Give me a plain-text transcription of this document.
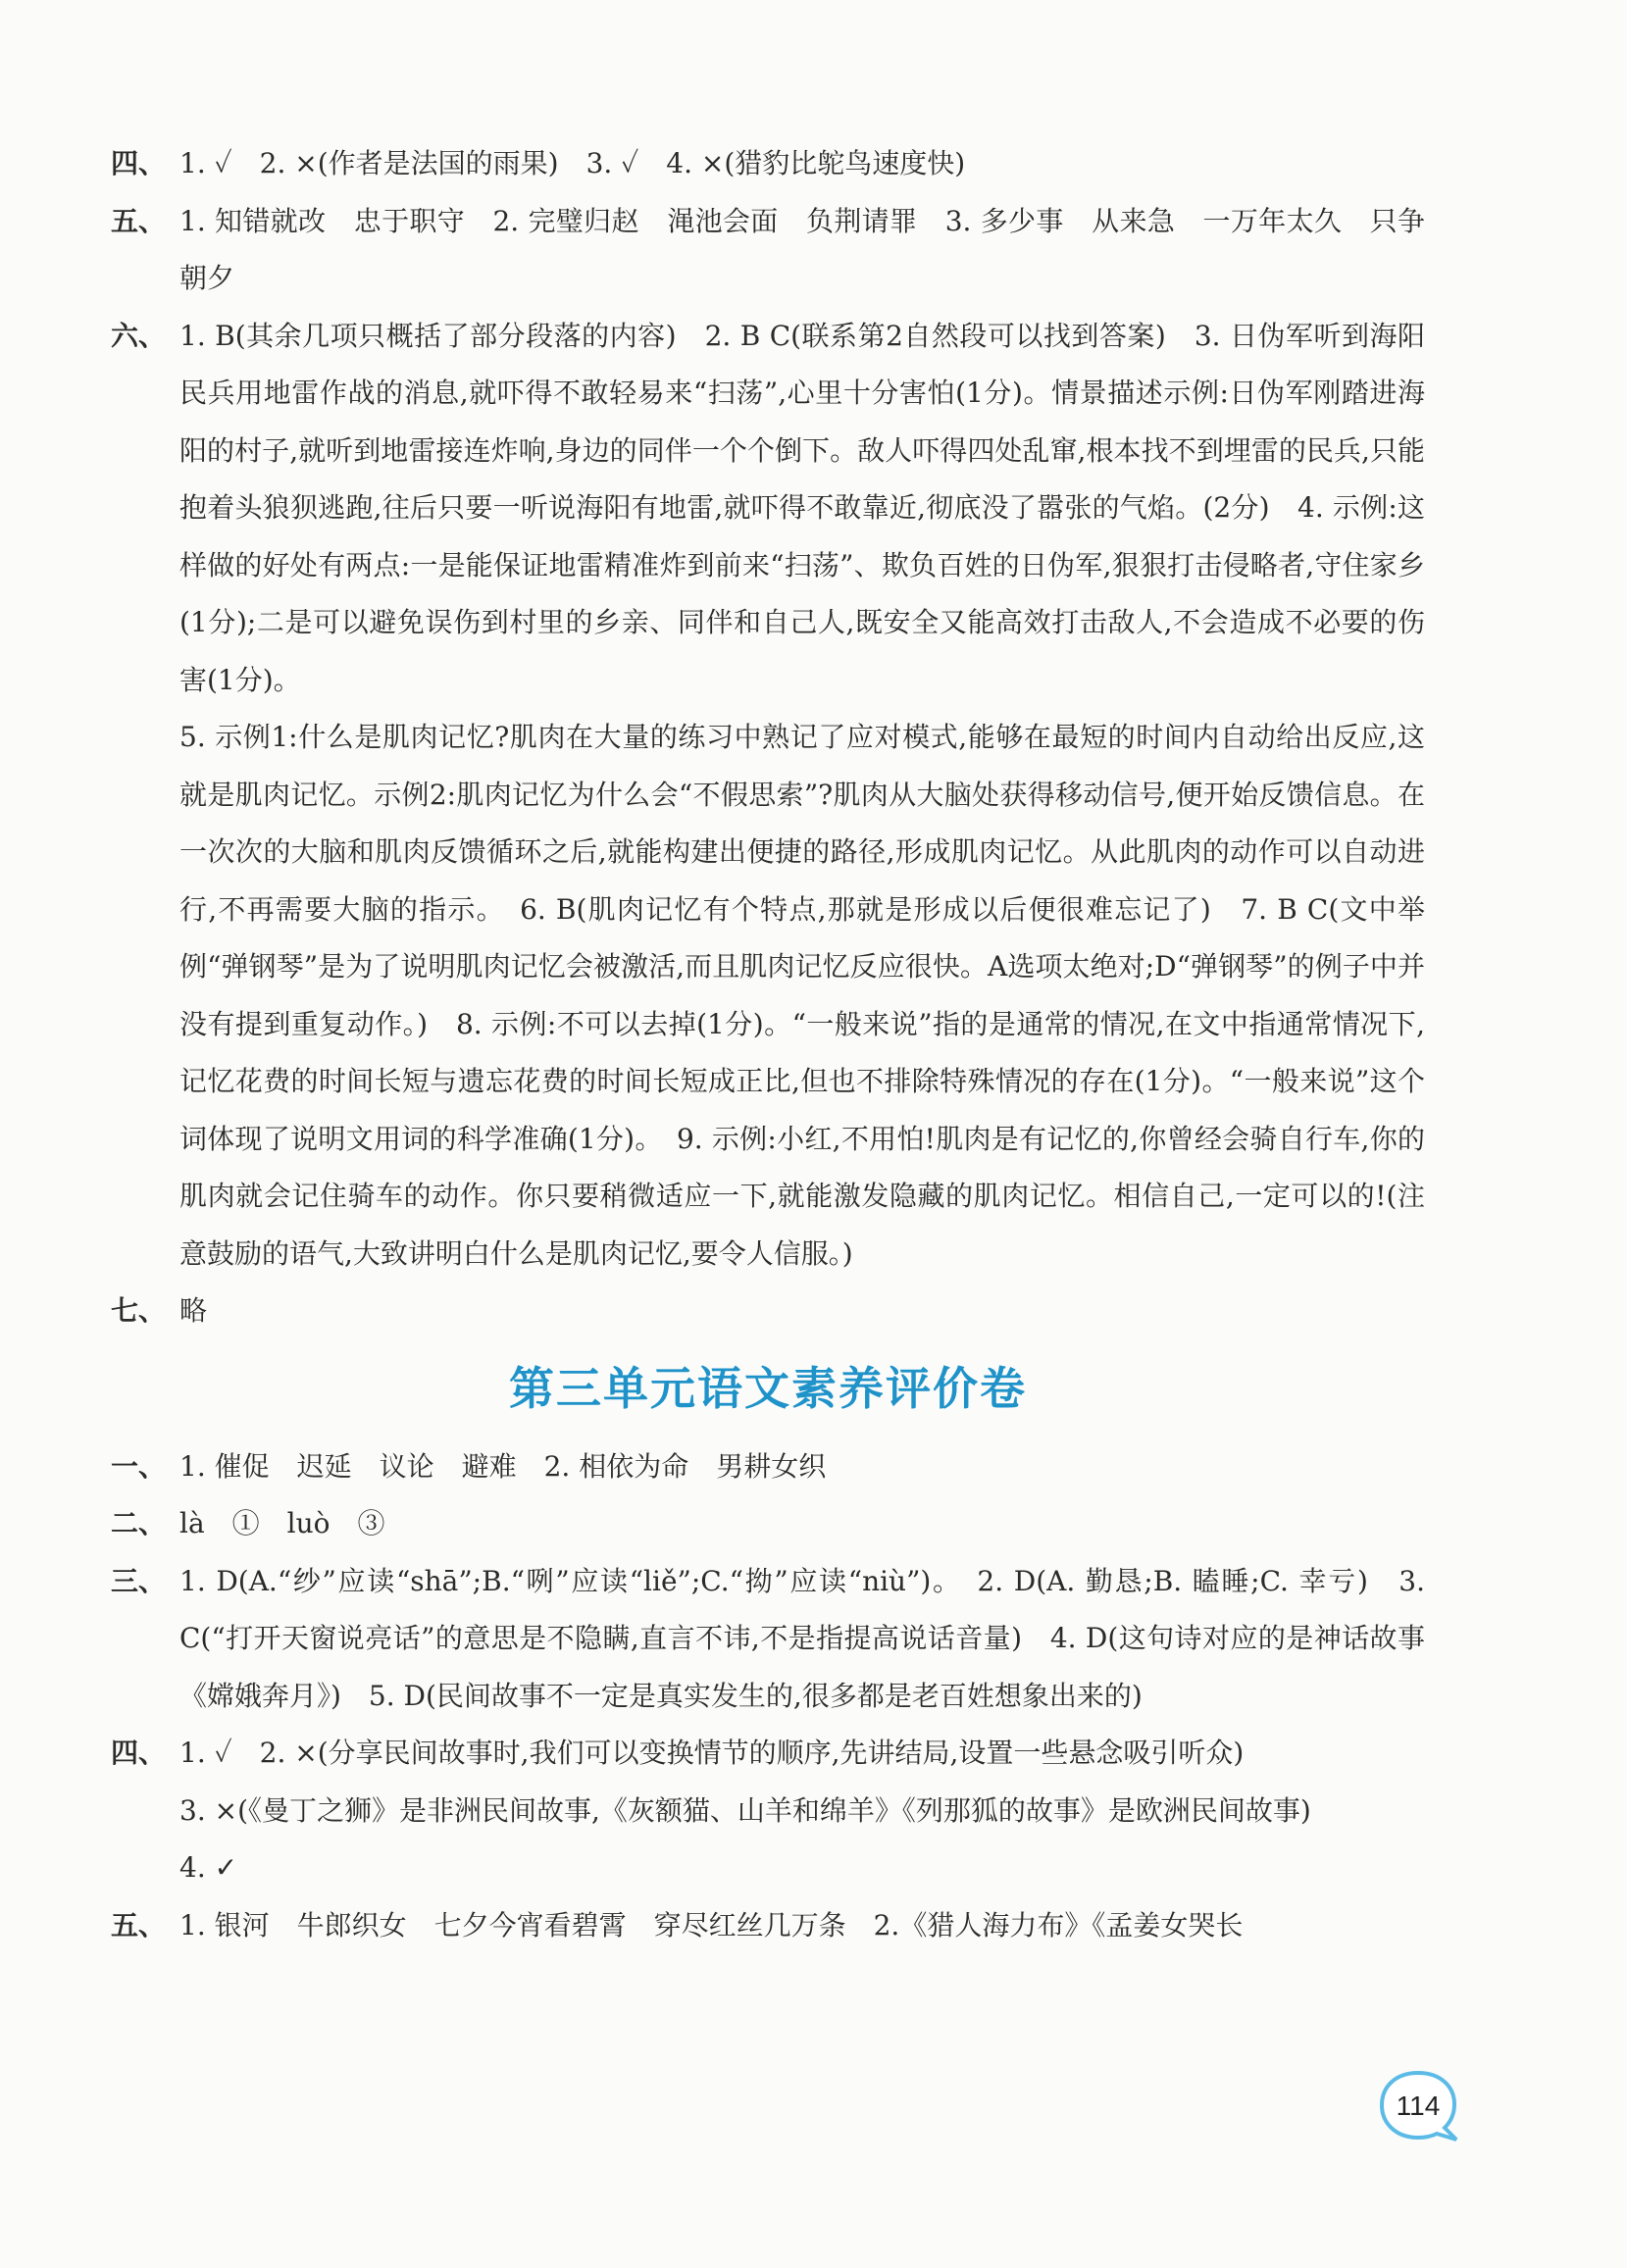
四、 1. ✓　2. ×(作者是法国的雨果)　3. ✓　4. ×(猎豹比鸵鸟速度快)

五、 1. 知错就改　忠于职守　2. 完璧归赵　渑池会面　负荆请罪　3. 多少事　从来急　一万年太久　只争朝夕

六、 1. B(其余几项只概括了部分段落的内容)　2. B C(联系第2自然段可以找到答案)　3. 日伪军听到海阳民兵用地雷作战的消息,就吓得不敢轻易来“扫荡”,心里十分害怕(1分)。情景描述示例:日伪军刚踏进海阳的村子,就听到地雷接连炸响,身边的同伴一个个倒下。敌人吓得四处乱窜,根本找不到埋雷的民兵,只能抱着头狼狈逃跑,往后只要一听说海阳有地雷,就吓得不敢靠近,彻底没了嚣张的气焰。(2分)　4. 示例:这样做的好处有两点:一是能保证地雷精准炸到前来“扫荡”、欺负百姓的日伪军,狠狠打击侵略者,守住家乡(1分);二是可以避免误伤到村里的乡亲、同伴和自己人,既安全又能高效打击敌人,不会造成不必要的伤害(1分)。

5. 示例1:什么是肌肉记忆?肌肉在大量的练习中熟记了应对模式,能够在最短的时间内自动给出反应,这就是肌肉记忆。示例2:肌肉记忆为什么会“不假思索”?肌肉从大脑处获得移动信号,便开始反馈信息。在一次次的大脑和肌肉反馈循环之后,就能构建出便捷的路径,形成肌肉记忆。从此肌肉的动作可以自动进行,不再需要大脑的指示。　6. B(肌肉记忆有个特点,那就是形成以后便很难忘记了)　7. B C(文中举例“弹钢琴”是为了说明肌肉记忆会被激活,而且肌肉记忆反应很快。A选项太绝对;D“弹钢琴”的例子中并没有提到重复动作。)　8. 示例:不可以去掉(1分)。“一般来说”指的是通常的情况,在文中指通常情况下,记忆花费的时间长短与遗忘花费的时间长短成正比,但也不排除特殊情况的存在(1分)。“一般来说”这个词体现了说明文用词的科学准确(1分)。　9. 示例:小红,不用怕!肌肉是有记忆的,你曾经会骑自行车,你的肌肉就会记住骑车的动作。你只要稍微适应一下,就能激发隐藏的肌肉记忆。相信自己,一定可以的!(注意鼓励的语气,大致讲明白什么是肌肉记忆,要令人信服。)

七、 略

第三单元语文素养评价卷
一、 1. 催促　迟延　议论　避难　2. 相依为命　男耕女织

二、 là　①　luò　③

三、 1. D(A.“纱”应读“shā”;B.“咧”应读“liě”;C.“拗”应读“niù”)。　2. D(A. 勤恳;B. 瞌睡;C. 幸亏)　3. C(“打开天窗说亮话”的意思是不隐瞒,直言不讳,不是指提高说话音量)　4. D(这句诗对应的是神话故事《嫦娥奔月》)　5. D(民间故事不一定是真实发生的,很多都是老百姓想象出来的)

四、 1. ✓　2. ×(分享民间故事时,我们可以变换情节的顺序,先讲结局,设置一些悬念吸引听众)

3. ×(《曼丁之狮》是非洲民间故事,《灰额猫、山羊和绵羊》《列那狐的故事》是欧洲民间故事)

4. ✓

五、 1. 银河　牛郎织女　七夕今宵看碧霄　穿尽红丝几万条　2.《猎人海力布》《孟姜女哭长

114
